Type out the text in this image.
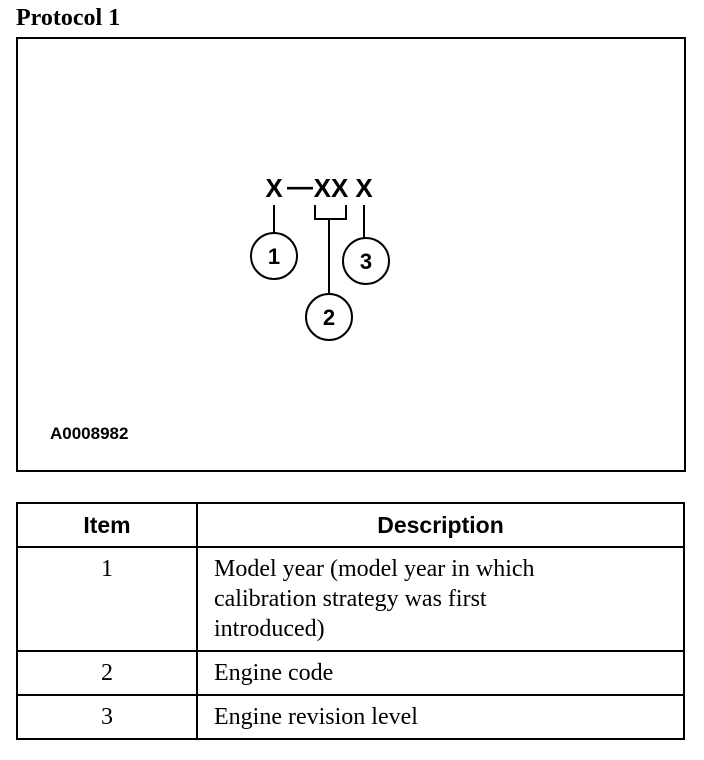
Protocol 1
X — XX X
1
2
3
A0008982
Item	Description
1	Model year (model year in which
calibration strategy was first
introduced)

2	Engine code

3	Engine revision level
